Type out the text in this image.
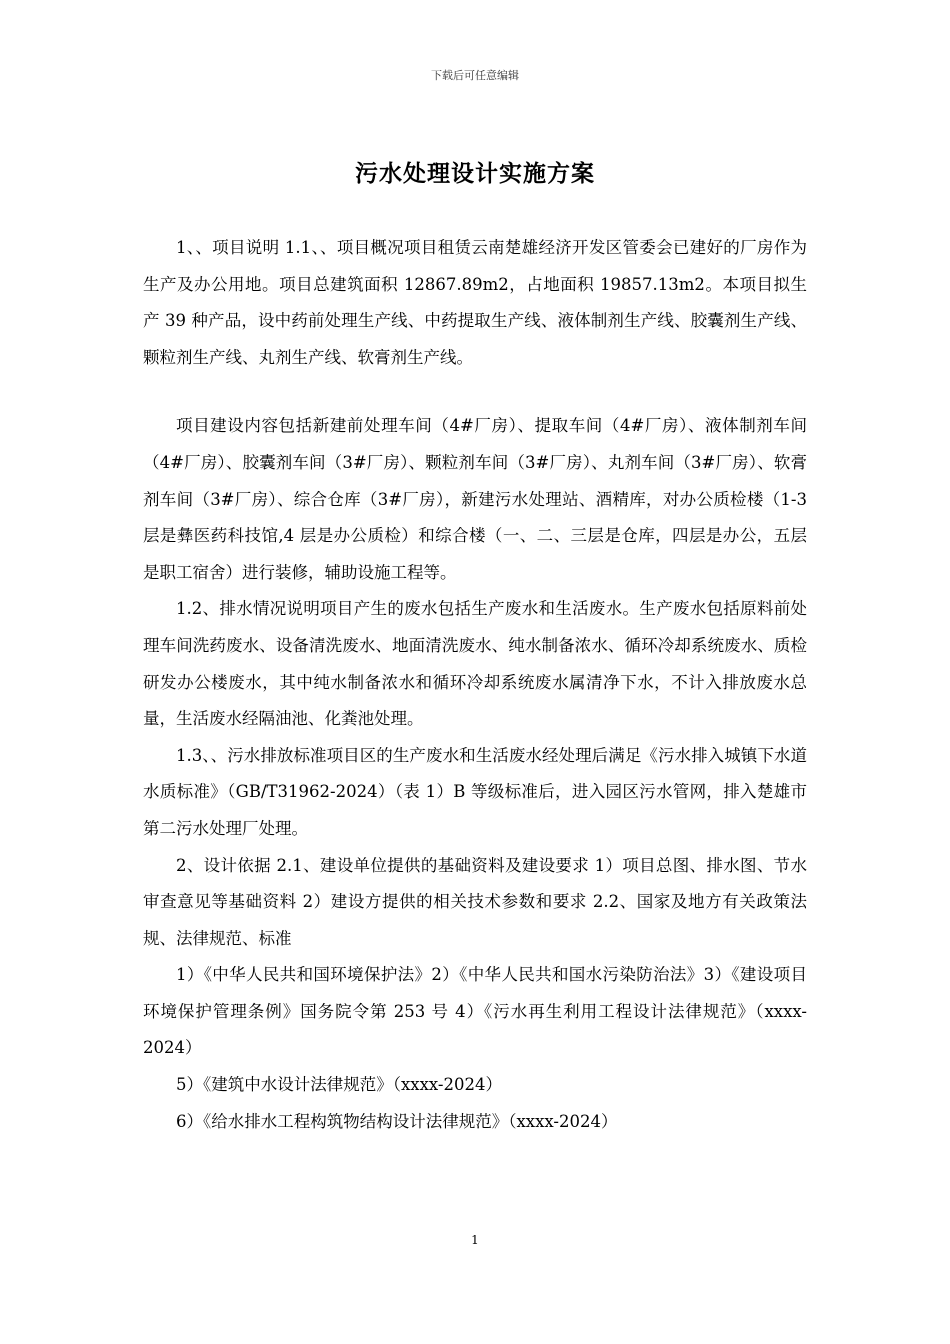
下载后可任意编辑
污水处理设计实施方案

1、、项目说明 1.1、、项目概况项目租赁云南楚雄经济开发区管委会已建好的厂房作为生产及办公用地。项目总建筑面积 12867.89m2，占地面积 19857.13m2。本项目拟生产 39 种产品，设中药前处理生产线、中药提取生产线、液体制剂生产线、胶囊剂生产线、颗粒剂生产线、丸剂生产线、软膏剂生产线。

项目建设内容包括新建前处理车间（4#厂房）、提取车间（4#厂房）、液体制剂车间（4#厂房）、胶囊剂车间（3#厂房）、颗粒剂车间（3#厂房）、丸剂车间（3#厂房）、软膏剂车间（3#厂房）、综合仓库（3#厂房），新建污水处理站、酒精库，对办公质检楼（1-3 层是彝医药科技馆,4 层是办公质检）和综合楼（一、二、三层是仓库，四层是办公，五层是职工宿舍）进行装修，辅助设施工程等。

1.2、排水情况说明项目产生的废水包括生产废水和生活废水。生产废水包括原料前处理车间洗药废水、设备清洗废水、地面清洗废水、纯水制备浓水、循环冷却系统废水、质检研发办公楼废水，其中纯水制备浓水和循环冷却系统废水属清净下水，不计入排放废水总量，生活废水经隔油池、化粪池处理。

1.3、、污水排放标准项目区的生产废水和生活废水经处理后满足《污水排入城镇下水道水质标准》（GB/T31962-2024）（表 1）B 等级标准后，进入园区污水管网，排入楚雄市第二污水处理厂处理。

2、设计依据 2.1、建设单位提供的基础资料及建设要求 1）项目总图、排水图、节水审查意见等基础资料 2）建设方提供的相关技术参数和要求 2.2、国家及地方有关政策法规、法律规范、标准

1）《中华人民共和国环境保护法》2）《中华人民共和国水污染防治法》3）《建设项目环境保护管理条例》国务院令第 253 号 4）《污水再生利用工程设计法律规范》（xxxx-2024）

5）《建筑中水设计法律规范》（xxxx-2024）

6）《给水排水工程构筑物结构设计法律规范》（xxxx-2024）

1
